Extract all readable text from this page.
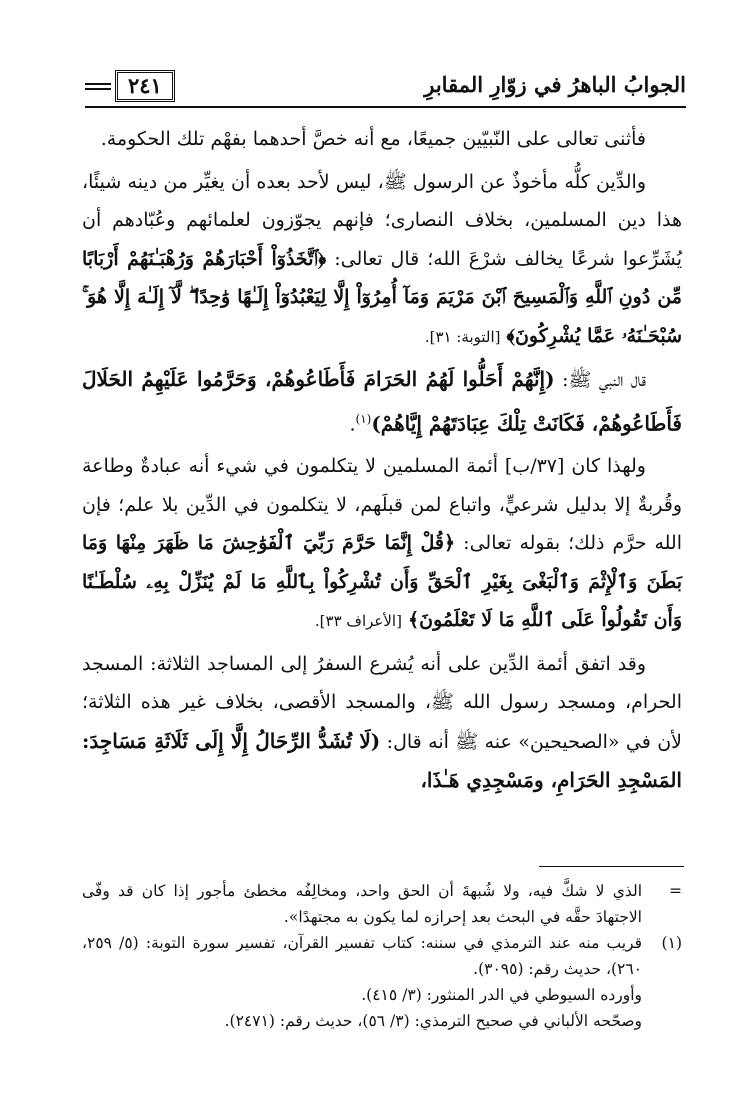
الجوابُ الباهرُ في زوّارِ المقابرِ
٢٤١

فأثنى تعالى على النّبيّين جميعًا، مع أنه خصَّ أحدهما بفهْم تلك الحكومة.

والدِّين كلُّه مأخوذٌ عن الرسول ﷺ، ليس لأحد بعده أن يغيِّر من دينه شيئًا، هذا دين المسلمين، بخلاف النصارى؛ فإنهم يجوّزون لعلمائهم وعُبّادهم أن يُشَرِّعوا شرعًا يخالف شرْعَ الله؛ قال تعالى: ﴿ٱتَّخَذُوٓاْ أَحْبَارَهُمْ وَرُهْبَـٰنَهُمْ أَرْبَابًا مِّن دُونِ ٱللَّهِ وَٱلْمَسِيحَ ٱبْنَ مَرْيَمَ وَمَآ أُمِرُوٓاْ إِلَّا لِيَعْبُدُوٓاْ إِلَـٰهًا وَٰحِدًا ۖ لَّآ إِلَـٰهَ إِلَّا هُوَ ۚ سُبْحَـٰنَهُۥ عَمَّا يُشْرِكُونَ﴾ [التوبة: ٣١].

قال النبي ﷺ: (إِنَّهُمْ أَحَلُّوا لَهُمُ الحَرَامَ فَأَطَاعُوهُمْ، وَحَرَّمُوا عَلَيْهِمُ الحَلَالَ فَأَطَاعُوهُمْ، فَكَانَتْ تِلْكَ عِبَادَتَهُمْ إِيَّاهُمْ)$^{(١)}$.

ولهذا كان [٣٧/ب] أئمة المسلمين لا يتكلمون في شيء أنه عبادةٌ وطاعة وقُربةٌ إلا بدليل شرعيٍّ، واتباع لمن قبلَهم، لا يتكلمون في الدِّين بلا علم؛ فإن الله حرَّم ذلك؛ بقوله تعالى: ﴿قُلْ إِنَّمَا حَرَّمَ رَبِّيَ ٱلْفَوَٰحِشَ مَا ظَهَرَ مِنْهَا وَمَا بَطَنَ وَٱلْإِثْمَ وَٱلْبَغْىَ بِغَيْرِ ٱلْحَقِّ وَأَن تُشْرِكُواْ بِٱللَّهِ مَا لَمْ يُنَزِّلْ بِهِۦ سُلْطَـٰنًا وَأَن تَقُولُواْ عَلَى ٱللَّهِ مَا لَا تَعْلَمُونَ﴾ [الأعراف ٣٣].

وقد اتفق أئمة الدِّين على أنه يُشرع السفرُ إلى المساجد الثلاثة: المسجد الحرام، ومسجد رسول الله ﷺ، والمسجد الأقصى، بخلاف غير هذه الثلاثة؛ لأن في «الصحيحين» عنه ﷺ أنه قال: (لَا تُشَدُّ الرِّحَالُ إِلَّا إِلَى ثَلَاثَةِ مَسَاجِدَ: المَسْجِدِ الحَرَامِ، ومَسْجِدِي هَـٰذَا،

=
الذي لا شكَّ فيه، ولا شُبهةَ أن الحق واحد، ومخالِفُه مخطئ مأجور إذا كان قد وفّى الاجتهادَ حقَّه في البحث بعد إحرازه لما يكون به مجتهدًا».
(١)
قريب منه عند الترمذي في سننه: كتاب تفسير القرآن، تفسير سورة التوبة: (٥/ ٢٥٩، ٢٦٠)، حديث رقم: (٣٠٩٥).
وأورده السيوطي في الدر المنثور: (٣/ ٤١٥).
وصحّحه الألباني في صحيح الترمذي: (٣/ ٥٦)، حديث رقم: (٢٤٧١).
